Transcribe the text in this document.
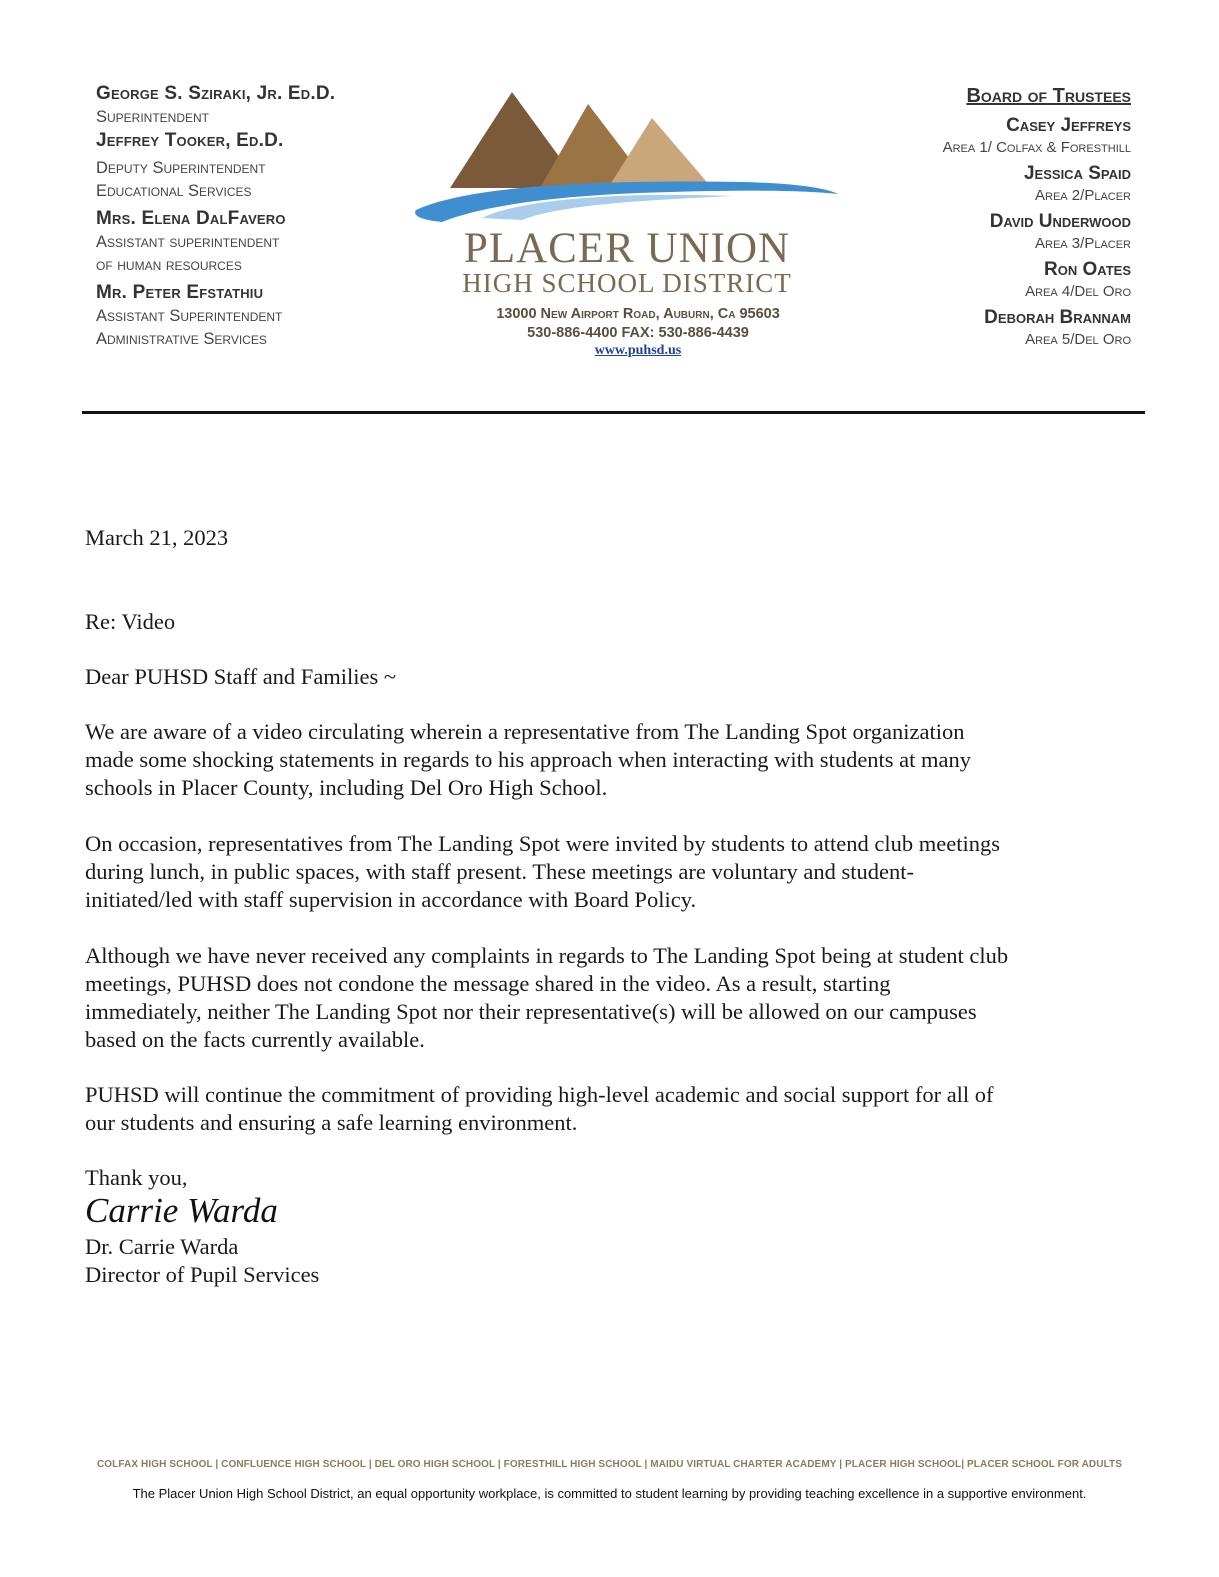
George S. Sziraki, Jr. Ed.D.
Superintendent
Jeffrey Tooker, Ed.D.
Deputy Superintendent
Educational Services
Mrs. Elena DalFavero
Assistant superintendent
of human resources
Mr. Peter Efstathiu
Assistant Superintendent
Administrative Services
PLACER UNION
HIGH SCHOOL DISTRICT
13000 New Airport Road, Auburn, Ca 95603
530-886-4400 FAX: 530-886-4439
www.puhsd.us
Board of Trustees
Casey Jeffreys
Area 1/ Colfax & Foresthill
Jessica Spaid
Area 2/Placer
David Underwood
Area 3/Placer
Ron Oates
Area 4/Del Oro
Deborah Brannam
Area 5/Del Oro
March 21, 2023
Re: Video
Dear PUHSD Staff and Families ~
We are aware of a video circulating wherein a representative from The Landing Spot organization
made some shocking statements in regards to his approach when interacting with students at many
schools in Placer County, including Del Oro High School.
On occasion, representatives from The Landing Spot were invited by students to attend club meetings
during lunch, in public spaces, with staff present. These meetings are voluntary and student-
initiated/led with staff supervision in accordance with Board Policy.
Although we have never received any complaints in regards to The Landing Spot being at student club
meetings, PUHSD does not condone the message shared in the video. As a result, starting
immediately, neither The Landing Spot nor their representative(s) will be allowed on our campuses
based on the facts currently available.
PUHSD will continue the commitment of providing high-level academic and social support for all of
our students and ensuring a safe learning environment.
Thank you,
Carrie Warda
Dr. Carrie Warda
Director of Pupil Services
COLFAX HIGH SCHOOL | CONFLUENCE HIGH SCHOOL | DEL ORO HIGH SCHOOL | FORESTHILL HIGH SCHOOL | MAIDU VIRTUAL CHARTER ACADEMY | PLACER HIGH SCHOOL| PLACER SCHOOL FOR ADULTS
The Placer Union High School District, an equal opportunity workplace, is committed to student learning by providing teaching excellence in a supportive environment.
